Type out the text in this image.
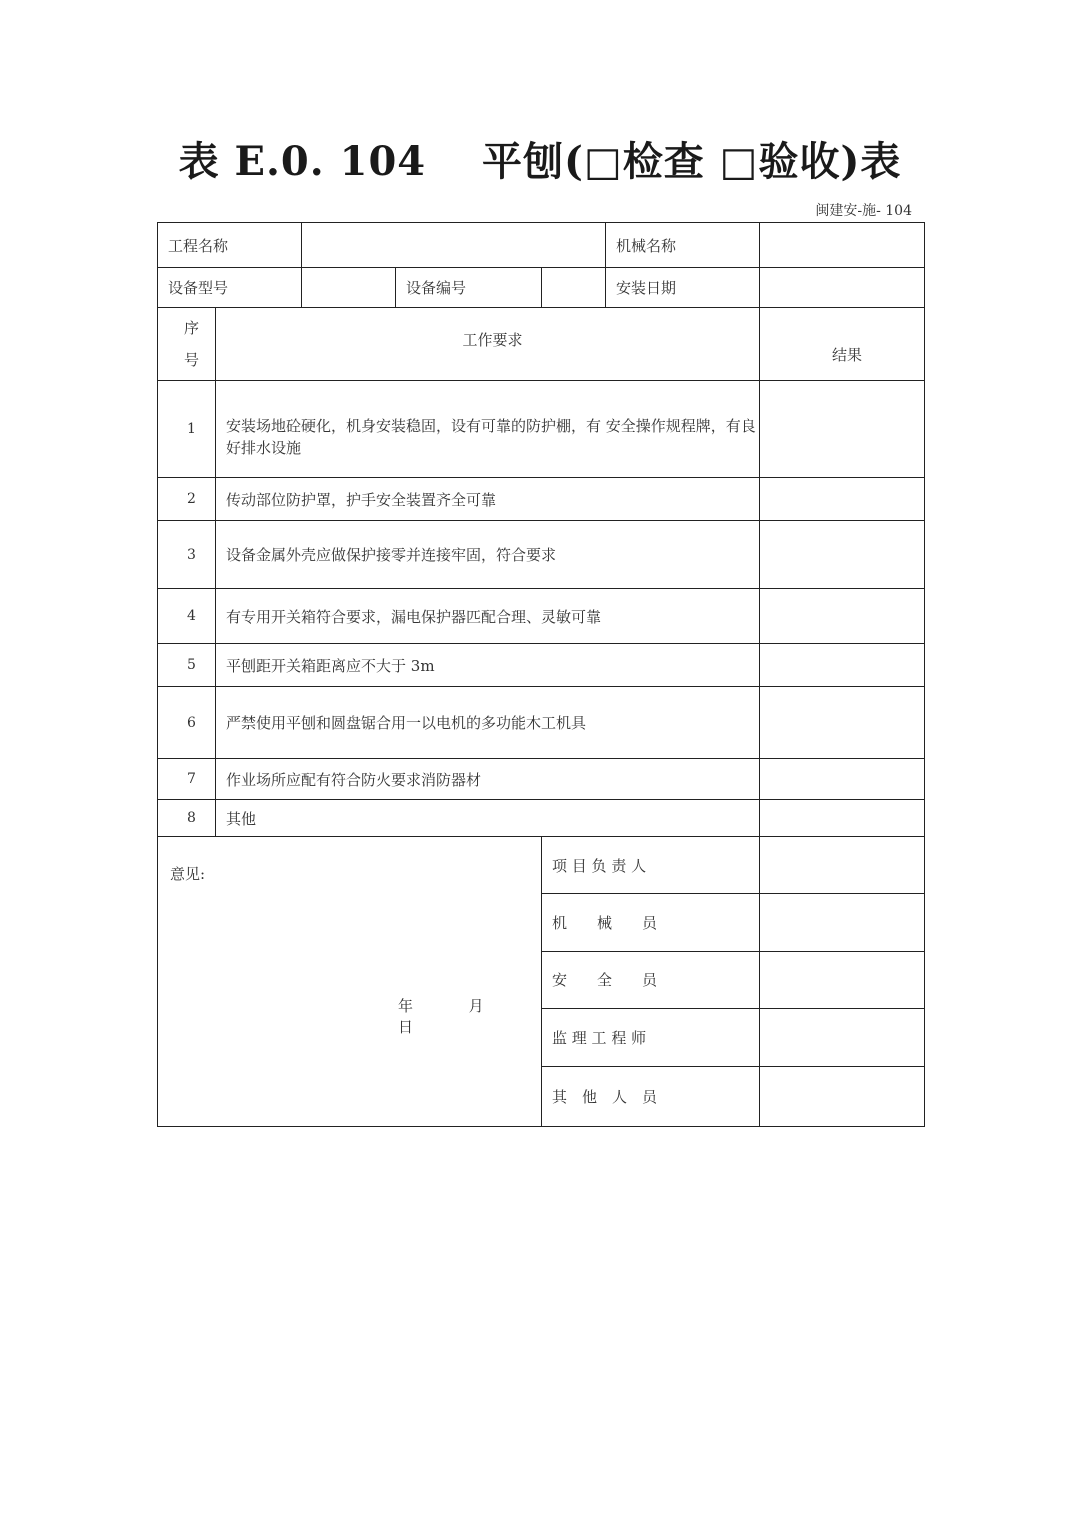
表 E.0. 104　 平刨(□检查 □验收)表
闽建安-施- 104
工程名称					机械名称	
设备型号			设备编号		安装日期	

序
号	工作要求					结果

1	安装场地砼硬化，机身安装稳固，设有可靠的防护棚，有 安全操作规程牌，有良好排水设施					

2	传动部位防护罩，护手安全装置齐全可靠					
3	设备金属外壳应做保护接零并连接牢固，符合要求					
4	有专用开关箱符合要求，漏电保护器匹配合理、灵敏可靠					
5	平刨距开关箱距离应不大于 3m					
6	严禁使用平刨和圆盘锯合用一以电机的多功能木工机具					
7	作业场所应配有符合防火要求消防器材					
8	其他					

意见:
年 月  日				项 目 负 责 人		
				机　　械　　员		
				安　　全　　员		
				监 理 工 程 师		
				其　他　人　员		
